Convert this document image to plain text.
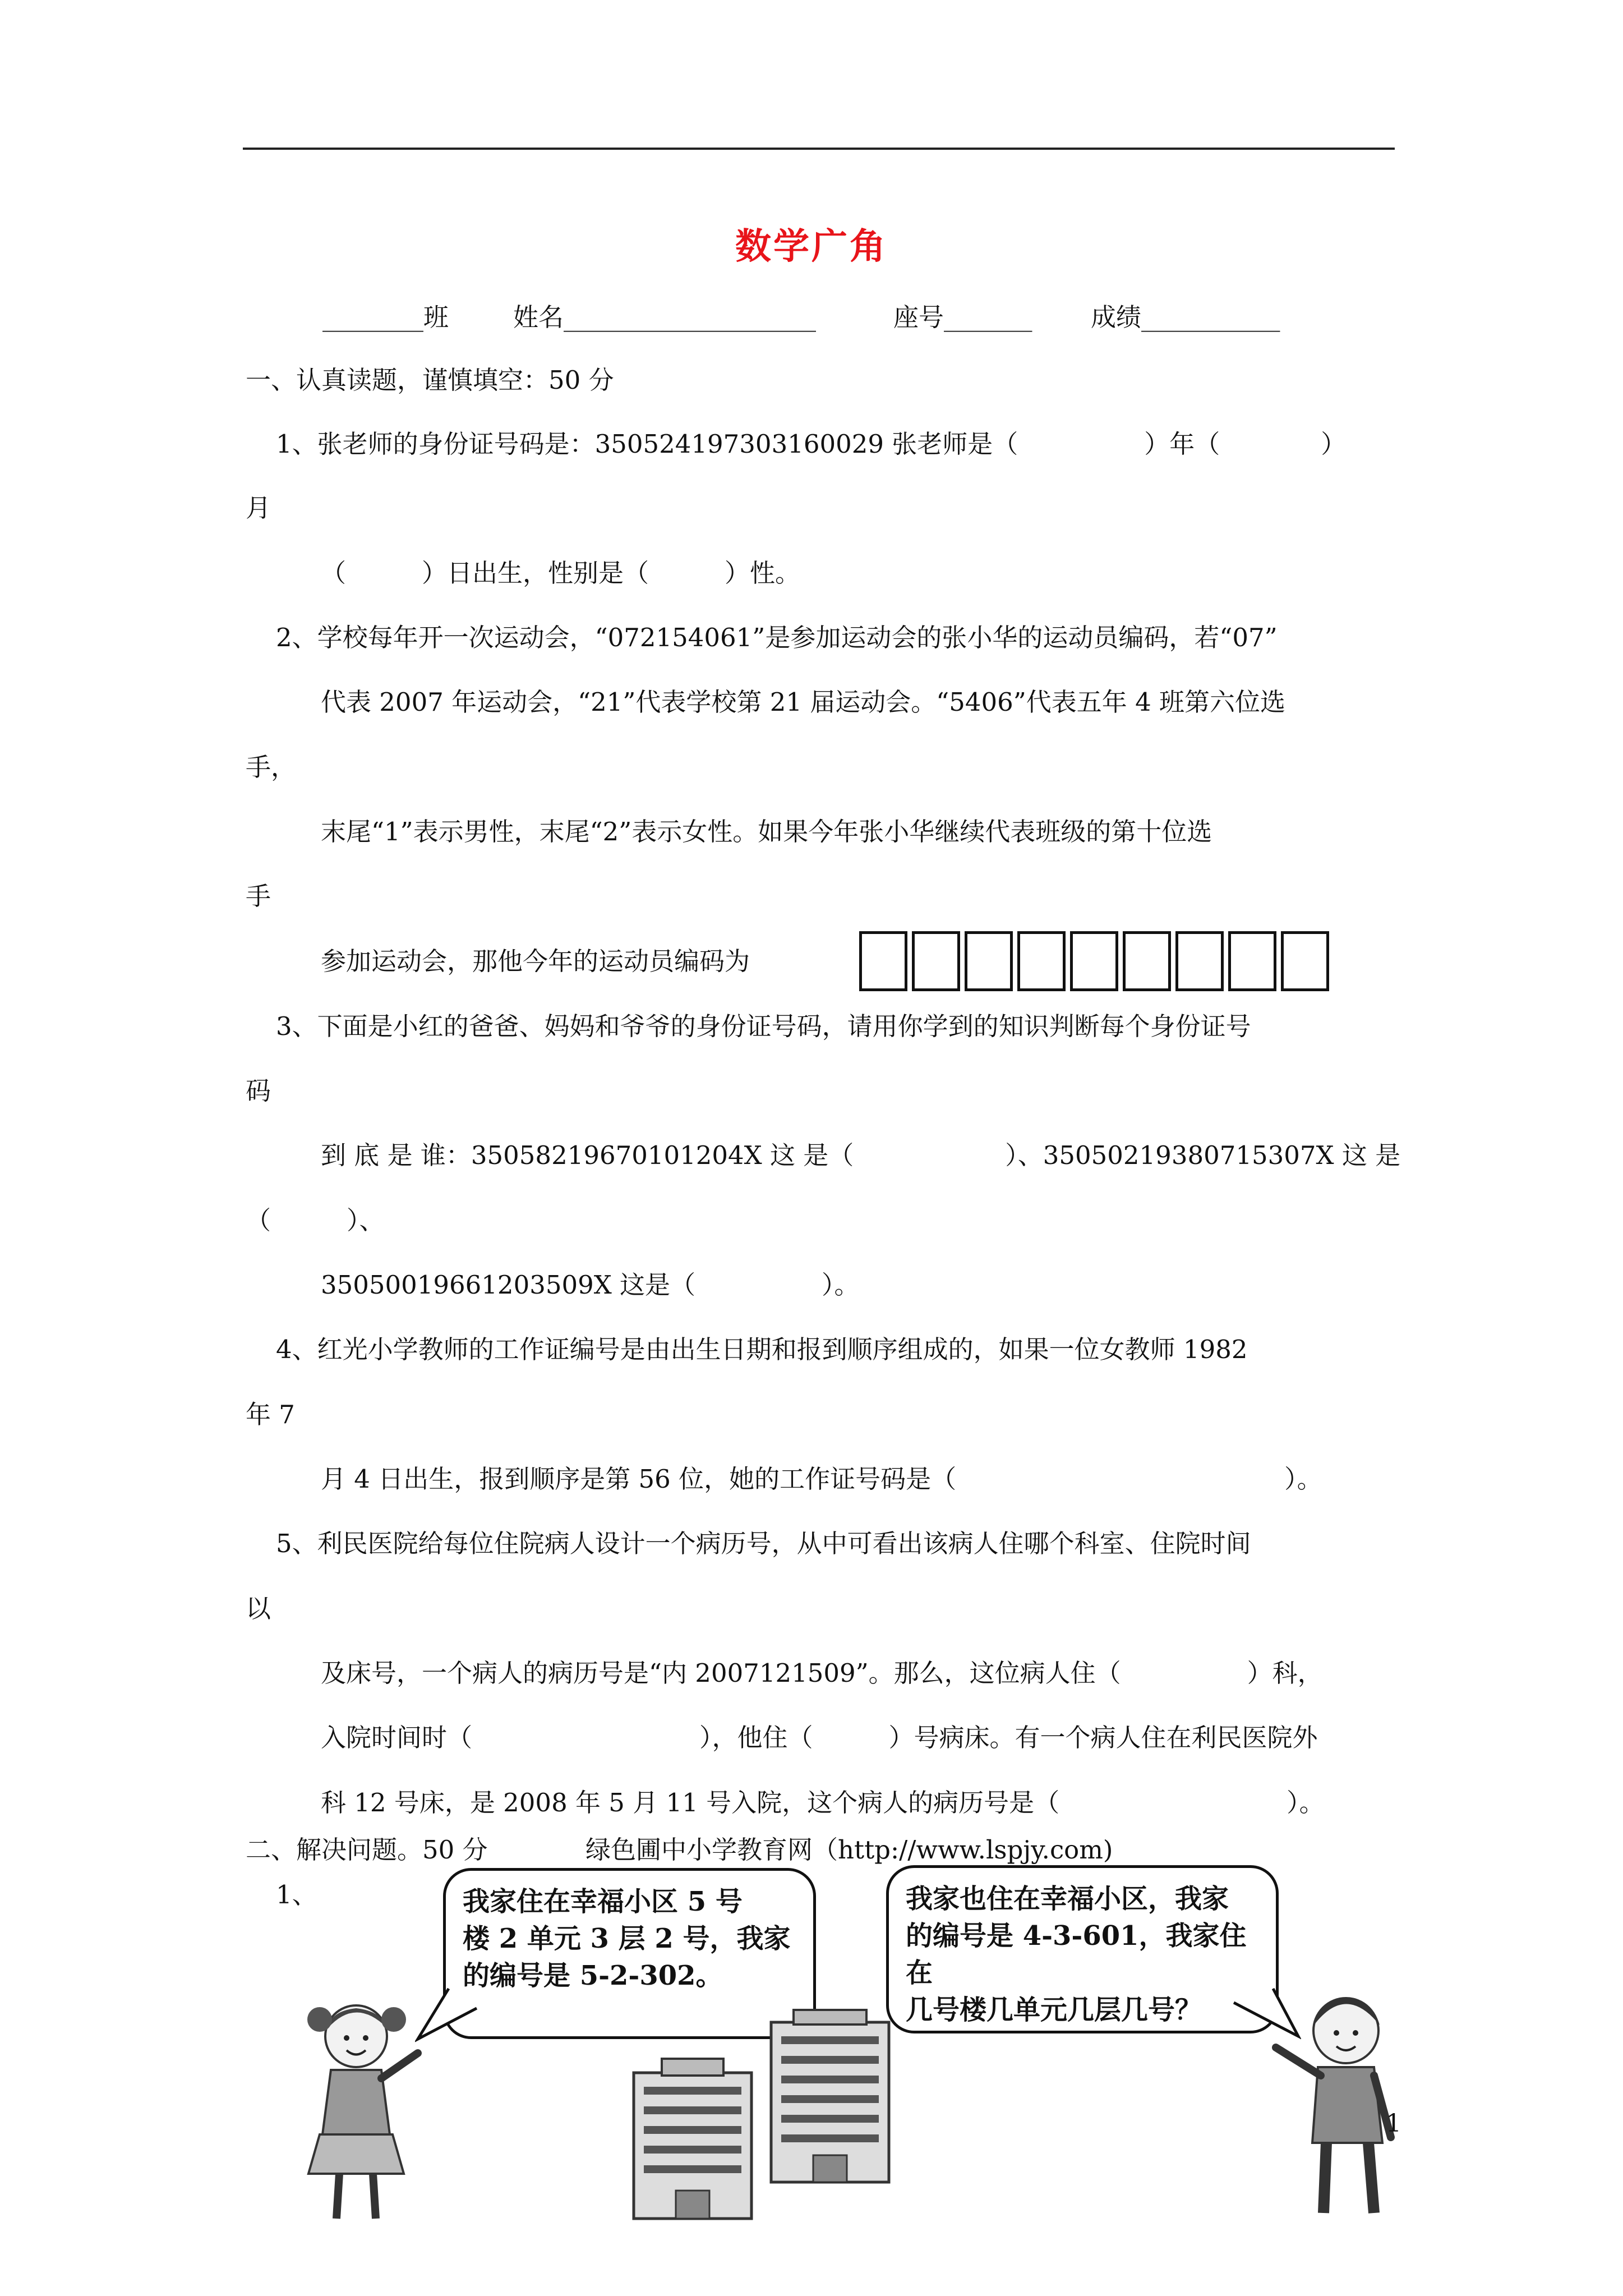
数学广角
________班	姓名____________________	座号_______ 成绩___________
一、认真读题，谨慎填空：50 分
1、张老师的身份证号码是：350524197303160029 张老师是（　　　　　）年（　　　　）
月
（　　　）日出生，性别是（　　　）性。
2、学校每年开一次运动会，“072154061”是参加运动会的张小华的运动员编码，若“07”
代表 2007 年运动会，“21”代表学校第 21 届运动会。“5406”代表五年 4 班第六位选
手，
末尾“1”表示男性，末尾“2”表示女性。如果今年张小华继续代表班级的第十位选
手
参加运动会，那他今年的运动员编码为
3、下面是小红的爸爸、妈妈和爷爷的身份证号码，请用你学到的知识判断每个身份证号
码
到 底 是 谁：35058219670101204X 这 是（　　　　　　）、35050219380715307X 这 是
（　　　）、
35050019661203509X 这是（　　　　　）。
4、红光小学教师的工作证编号是由出生日期和报到顺序组成的，如果一位女教师 1982
年 7
月 4 日出生，报到顺序是第 56 位，她的工作证号码是（　　　　　　　　　　　　　）。
5、利民医院给每位住院病人设计一个病历号，从中可看出该病人住哪个科室、住院时间
以
及床号，一个病人的病历号是“内 2007121509”。那么，这位病人住（　　　　　）科，
入院时间时（　　　　　　　　　），他住（　　　）号病床。有一个病人住在利民医院外
科 12 号床，是 2008 年 5 月 11 号入院，这个病人的病历号是（　　　　　　　　　）。
二、解决问题。50 分	绿色圃中小学教育网（http://www.lspjy.com)
1、	我家住在幸福小区 5 号
楼 2 单元 3 层 2 号，我家
的编号是 5-2-302。
我家也住在幸福小区，我家
的编号是 4-3-601，我家住在
几号楼几单元几层几号？
1
